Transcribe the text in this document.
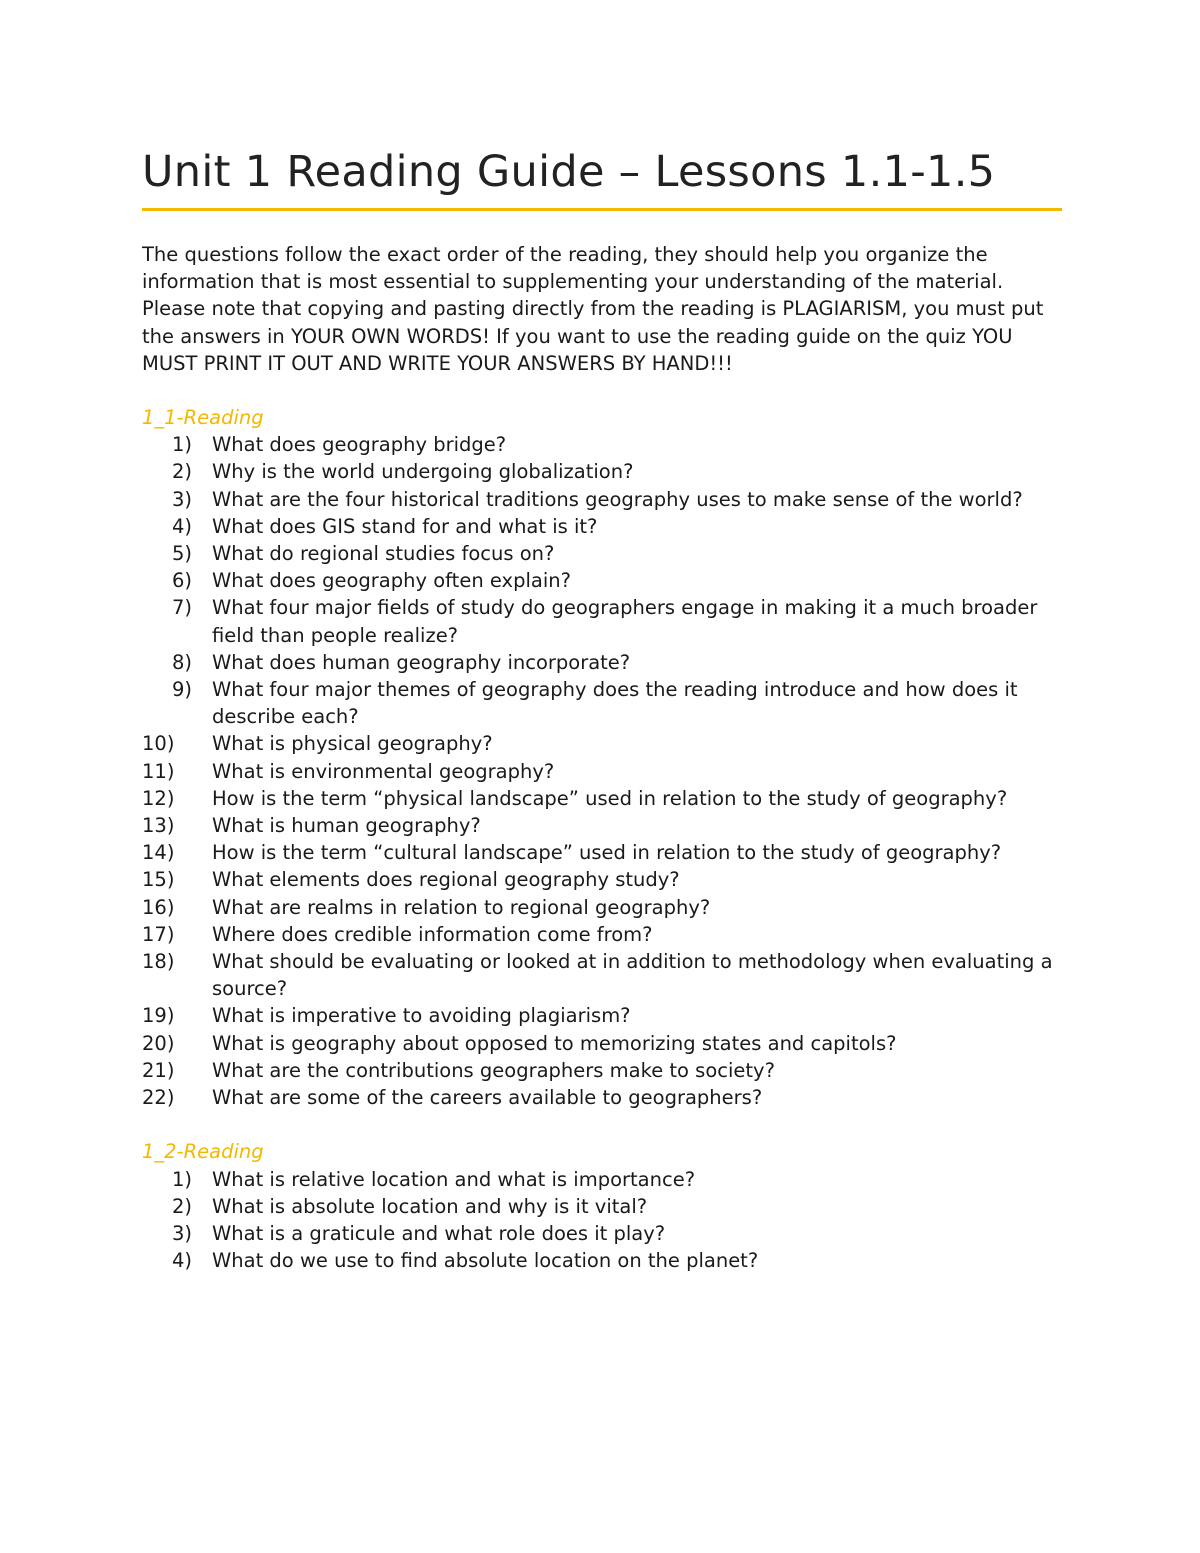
Unit 1 Reading Guide – Lessons 1.1-1.5

The questions follow the exact order of the reading, they should help you organize the information that is most essential to supplementing your understanding of the material. Please note that copying and pasting directly from the reading is PLAGIARISM, you must put the answers in YOUR OWN WORDS! If you want to use the reading guide on the quiz YOU MUST PRINT IT OUT AND WRITE YOUR ANSWERS BY HAND!!!

1_1-Reading
1)	What does geography bridge?
2)	Why is the world undergoing globalization?
3)	What are the four historical traditions geography uses to make sense of the world?
4)	What does GIS stand for and what is it?
5)	What do regional studies focus on?
6)	What does geography often explain?
7)	What four major fields of study do geographers engage in making it a much broader field than people realize?
8)	What does human geography incorporate?
9)	What four major themes of geography does the reading introduce and how does it describe each?
10)	What is physical geography?
11)	What is environmental geography?
12)	How is the term “physical landscape” used in relation to the study of geography?
13)	What is human geography?
14)	How is the term “cultural landscape” used in relation to the study of geography?
15)	What elements does regional geography study?
16)	What are realms in relation to regional geography?
17)	Where does credible information come from?
18)	What should be evaluating or looked at in addition to methodology when evaluating a source?
19)	What is imperative to avoiding plagiarism?
20)	What is geography about opposed to memorizing states and capitols?
21)	What are the contributions geographers make to society?
22)	What are some of the careers available to geographers?
1_2-Reading
1)	What is relative location and what is importance?
2)	What is absolute location and why is it vital?
3)	What is a graticule and what role does it play?
4)	What do we use to find absolute location on the planet?
